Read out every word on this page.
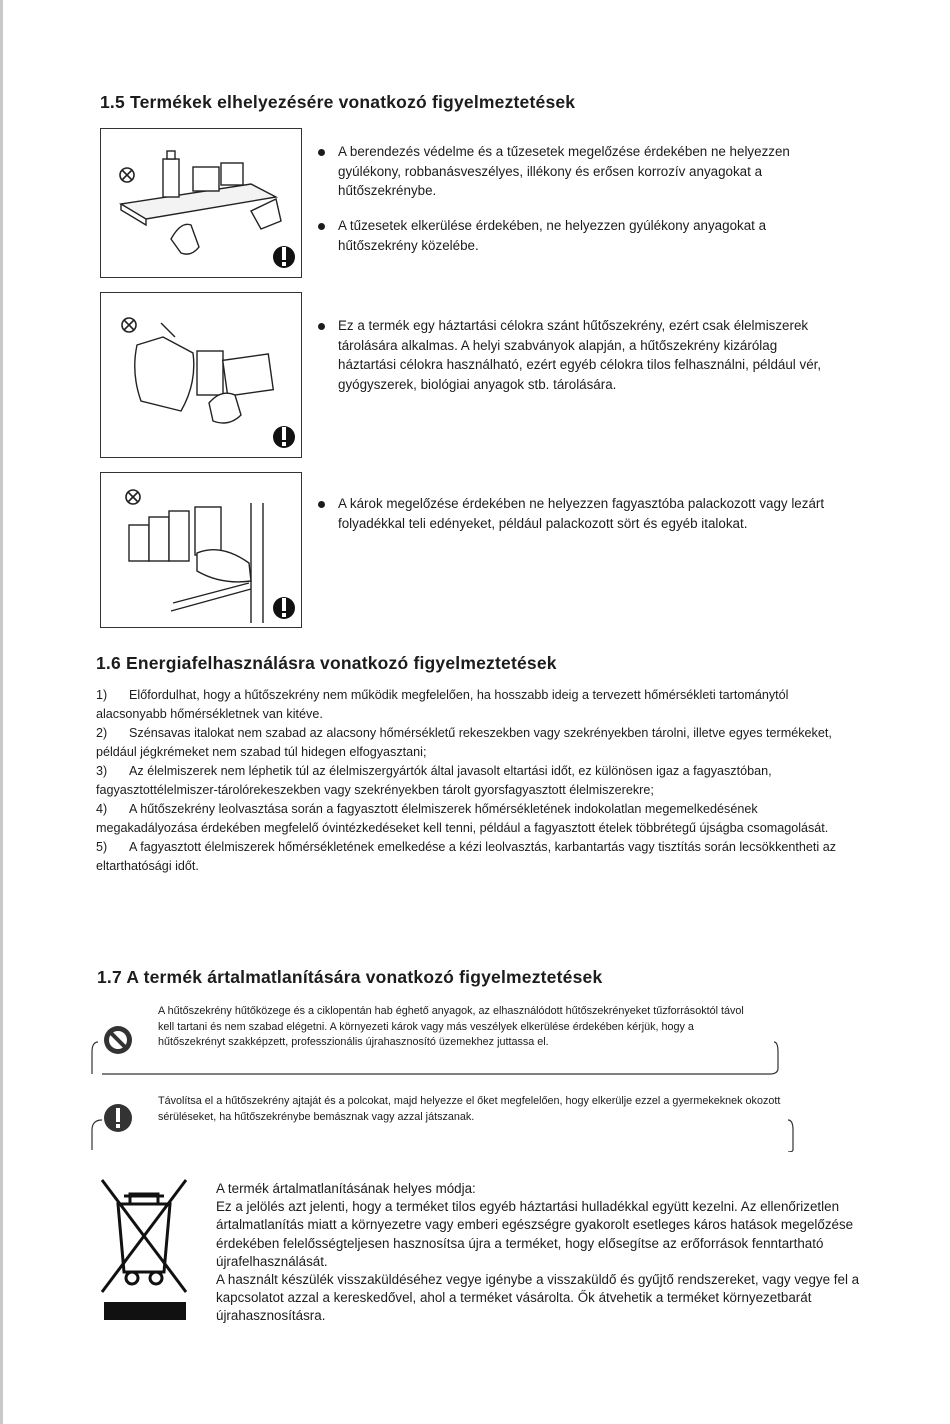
1.5 Termékek elhelyezésére vonatkozó figyelmeztetések
A berendezés védelme és a tűzesetek megelőzése érdekében ne helyezzen gyúlékony, robbanásveszélyes, illékony és erősen korrozív anyagokat a hűtőszekrénybe.
A tűzesetek elkerülése érdekében, ne helyezzen gyúlékony anyagokat a hűtőszekrény közelébe.
Ez a termék egy háztartási célokra szánt hűtőszekrény, ezért csak élelmiszerek tárolására alkalmas. A helyi szabványok alapján, a hűtőszekrény kizárólag háztartási célokra használható, ezért egyéb célokra tilos felhasználni, például vér, gyógyszerek, biológiai anyagok stb. tárolására.
A károk megelőzése érdekében ne helyezzen fagyasztóba palackozott vagy lezárt folyadékkal teli edényeket, például palackozott sört és egyéb italokat.
1.6 Energiafelhasználásra vonatkozó figyelmeztetések

1) Előfordulhat, hogy a hűtőszekrény nem működik megfelelően, ha hosszabb ideig a tervezett hőmérsékleti tartománytól alacsonyabb hőmérsékletnek van kitéve.

2) Szénsavas italokat nem szabad az alacsony hőmérsékletű rekeszekben vagy szekrényekben tárolni, illetve egyes termékeket, például jégkrémeket nem szabad túl hidegen elfogyasztani;

3) Az élelmiszerek nem léphetik túl az élelmiszergyártók által javasolt eltartási időt, ez különösen igaz a fagyasztóban, fagyasztottélelmiszer-tárolórekeszekben vagy szekrényekben tárolt gyorsfagyasztott élelmiszerekre;

4) A hűtőszekrény leolvasztása során a fagyasztott élelmiszerek hőmérsékletének indokolatlan megemelkedésének megakadályozása érdekében megfelelő óvintézkedéseket kell tenni, például a fagyasztott ételek többrétegű újságba csomagolását.

5) A fagyasztott élelmiszerek hőmérsékletének emelkedése a kézi leolvasztás, karbantartás vagy tisztítás során lecsökkentheti az eltarthatósági időt.

1.7 A termék ártalmatlanítására vonatkozó figyelmeztetések
A hűtőszekrény hűtőközege és a ciklopentán hab éghető anyagok, az elhasználódott hűtőszekrényeket tűzforrásoktól távol kell tartani és nem szabad elégetni. A környezeti károk vagy más veszélyek elkerülése érdekében kérjük, hogy a hűtőszekrényt szakképzett, professzionális újrahasznosító üzemekhez juttassa el.
Távolítsa el a hűtőszekrény ajtaját és a polcokat, majd helyezze el őket megfelelően, hogy elkerülje ezzel a gyermekeknek okozott sérüléseket, ha hűtőszekrénybe bemásznak vagy azzal játszanak.

A termék ártalmatlanításának helyes módja:

Ez a jelölés azt jelenti, hogy a terméket tilos egyéb háztartási hulladékkal együtt kezelni. Az ellenőrizetlen ártalmatlanítás miatt a környezetre vagy emberi egészségre gyakorolt esetleges káros hatások megelőzése érdekében felelősségteljesen hasznosítsa újra a terméket, hogy elősegítse az erőforrások fenntartható újrafelhasználását.

A használt készülék visszaküldéséhez vegye igénybe a visszaküldő és gyűjtő rendszereket, vagy vegye fel a kapcsolatot azzal a kereskedővel, ahol a terméket vásárolta. Ők átvehetik a terméket környezetbarát újrahasznosításra.
